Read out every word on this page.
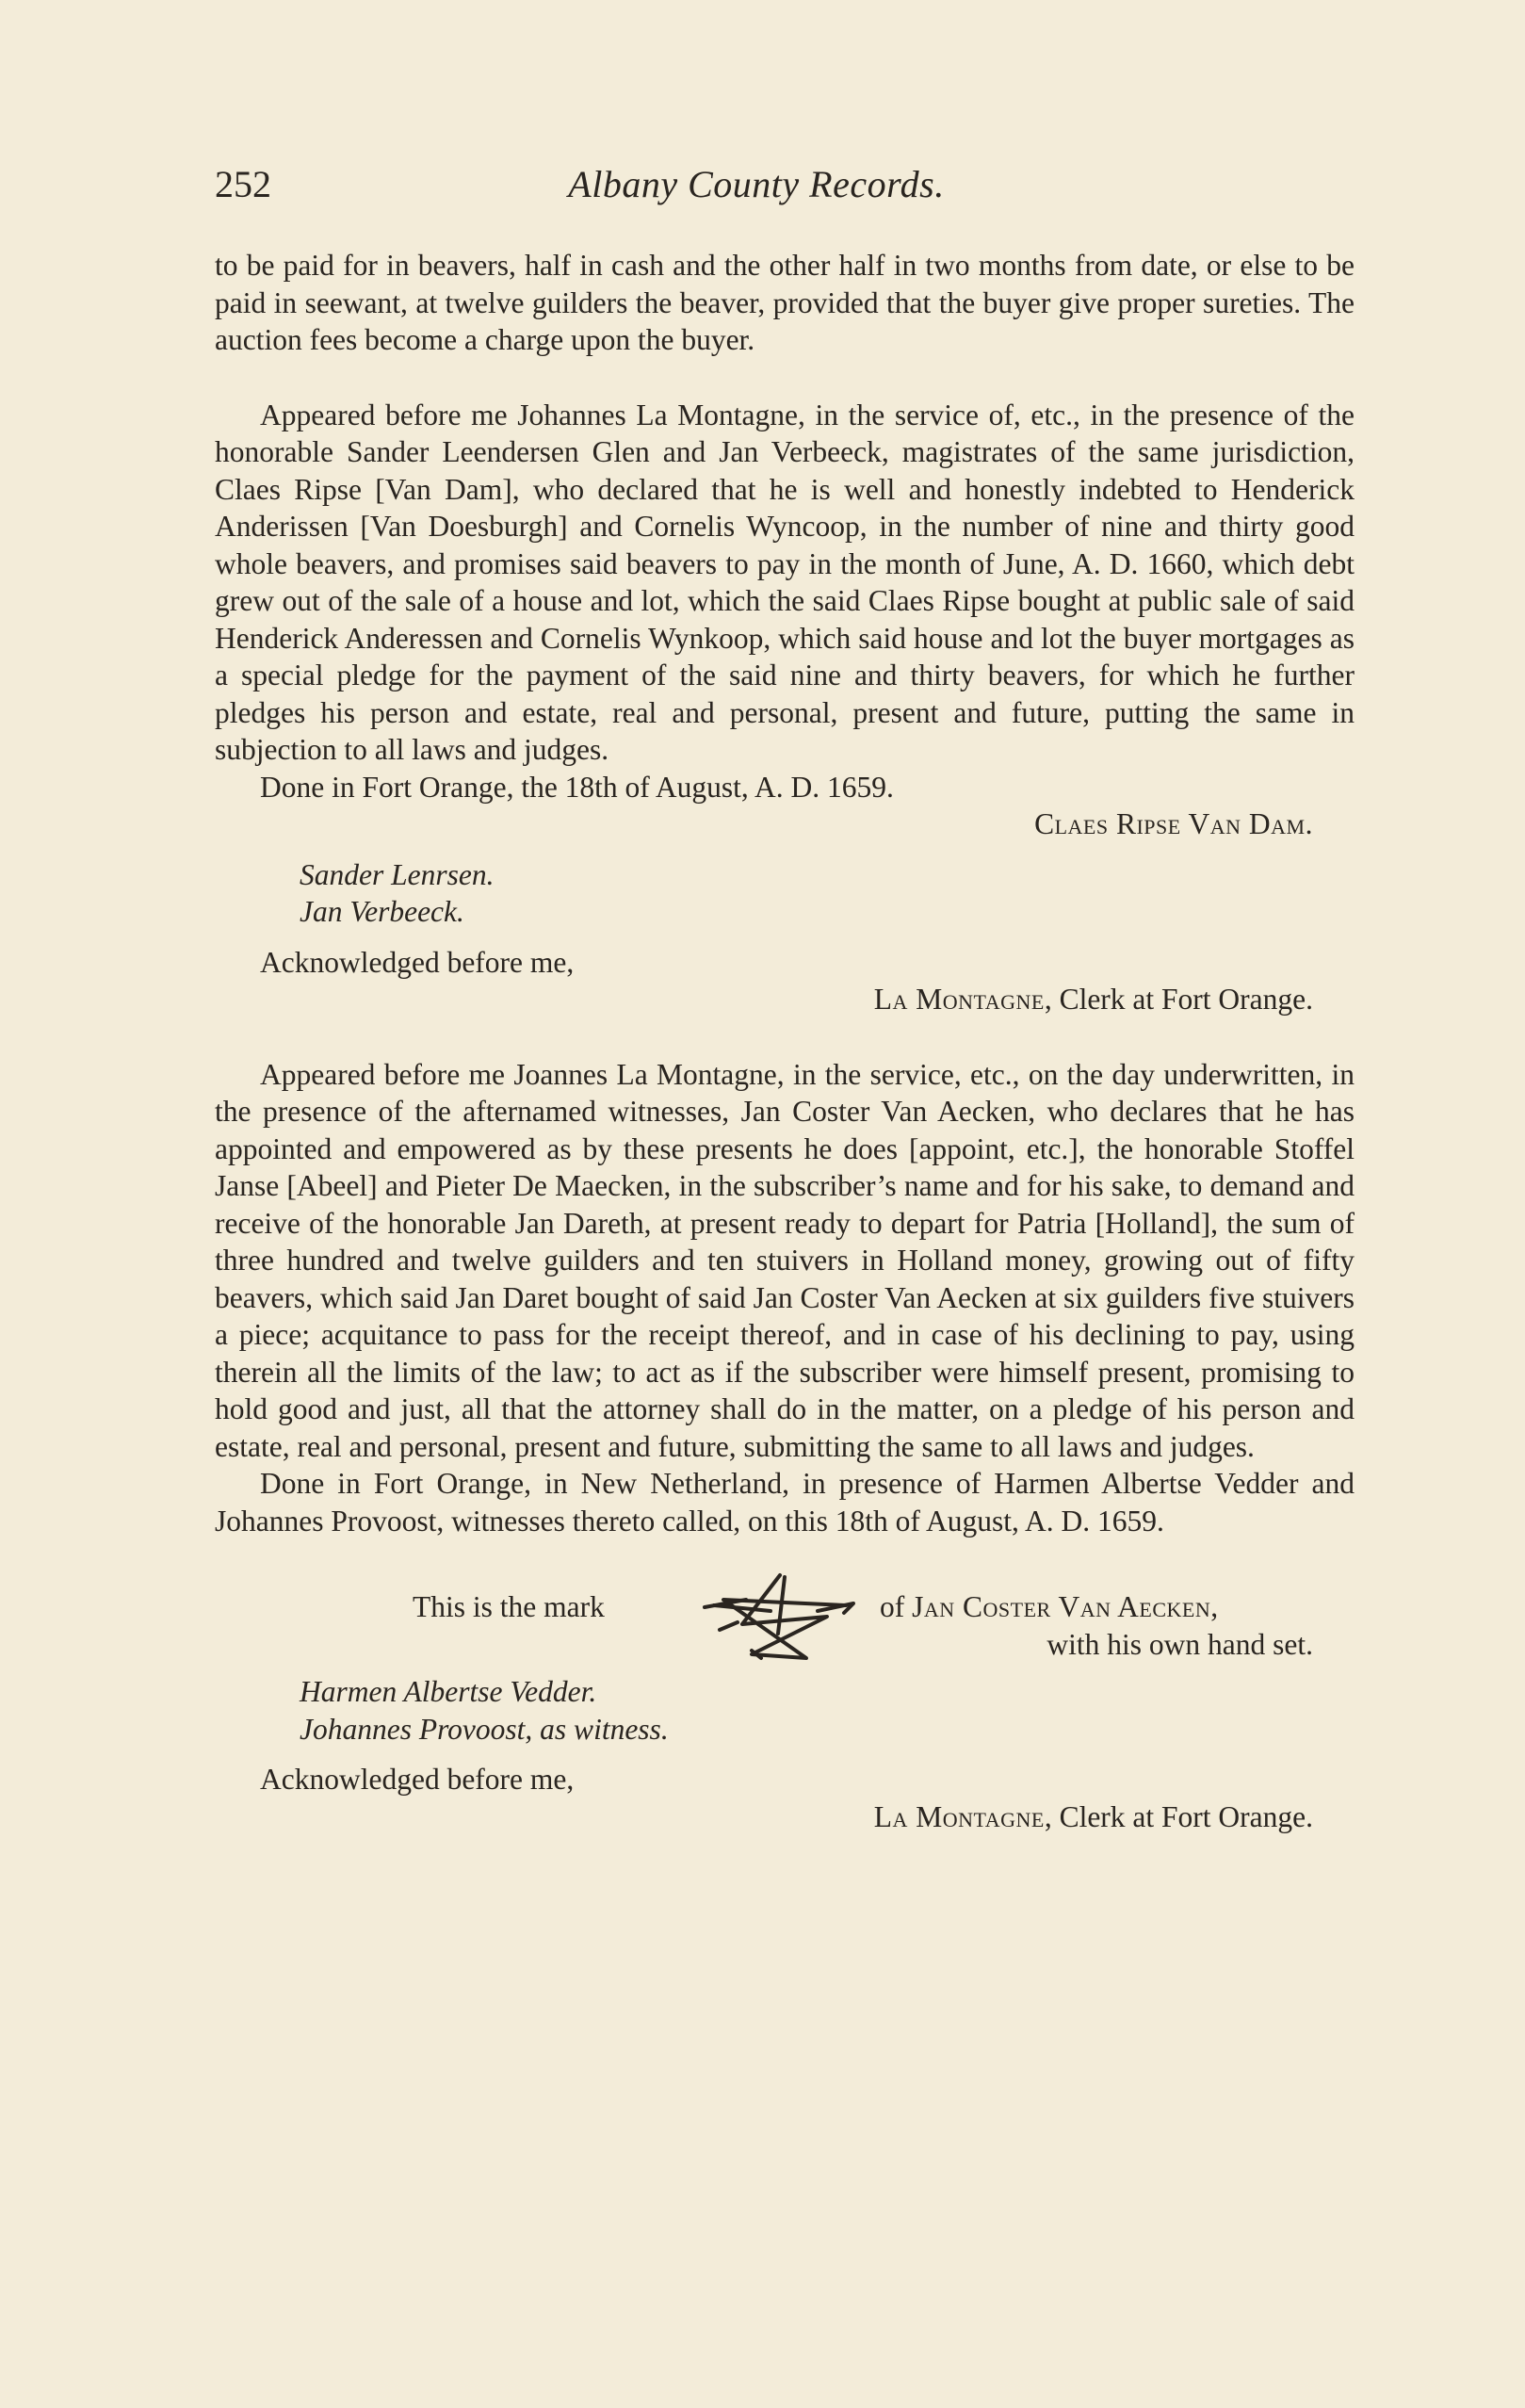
252	Albany County Records.

to be paid for in beavers, half in cash and the other half in two months from date, or else to be paid in seewant, at twelve guilders the beaver, provided that the buyer give proper sureties. The auction fees become a charge upon the buyer.

Appeared before me Johannes La Montagne, in the service of, etc., in the presence of the honorable Sander Leendersen Glen and Jan Verbeeck, magistrates of the same jurisdiction, Claes Ripse [Van Dam], who declared that he is well and honestly indebted to Henderick Anderissen [Van Doesburgh] and Cornelis Wyncoop, in the number of nine and thirty good whole beavers, and promises said beavers to pay in the month of June, A. D. 1660, which debt grew out of the sale of a house and lot, which the said Claes Ripse bought at public sale of said Henderick Anderessen and Cornelis Wynkoop, which said house and lot the buyer mortgages as a special pledge for the payment of the said nine and thirty beavers, for which he further pledges his person and estate, real and personal, present and future, putting the same in subjection to all laws and judges.

Done in Fort Orange, the 18th of August, A. D. 1659.

Claes Ripse Van Dam.
Sander Lenrsen.
Jan Verbeeck.
Acknowledged before me,
La Montagne, Clerk at Fort Orange.

Appeared before me Joannes La Montagne, in the service, etc., on the day underwritten, in the presence of the afternamed witnesses, Jan Coster Van Aecken, who declares that he has appointed and empowered as by these presents he does [appoint, etc.], the honorable Stoffel Janse [Abeel] and Pieter De Maecken, in the subscriber’s name and for his sake, to demand and receive of the honorable Jan Dareth, at present ready to depart for Patria [Holland], the sum of three hundred and twelve guilders and ten stuivers in Holland money, growing out of fifty beavers, which said Jan Daret bought of said Jan Coster Van Aecken at six guilders five stuivers a piece; acquitance to pass for the receipt thereof, and in case of his declining to pay, using therein all the limits of the law; to act as if the subscriber were himself present, promising to hold good and just, all that the attorney shall do in the matter, on a pledge of his person and estate, real and personal, present and future, submitting the same to all laws and judges.

Done in Fort Orange, in New Netherland, in presence of Harmen Albertse Vedder and Johannes Provoost, witnesses thereto called, on this 18th of August, A. D. 1659.

This is the mark	of Jan Coster Van Aecken,
with his own hand set.
Harmen Albertse Vedder.
Johannes Provoost, as witness.
Acknowledged before me,
La Montagne, Clerk at Fort Orange.
